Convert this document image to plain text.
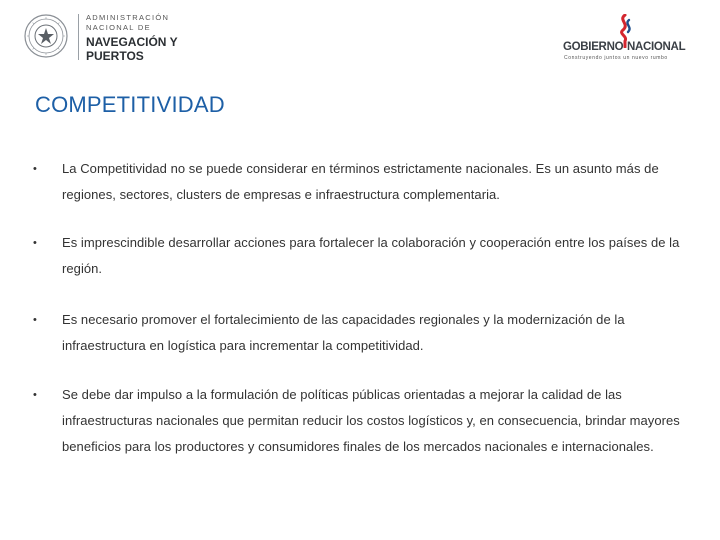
ADMINISTRACIÓN
NACIONAL DE
NAVEGACIÓN Y
PUERTOS
GOBIERNO NACIONAL
Construyendo juntos un nuevo rumbo
COMPETITIVIDAD
• La Competitividad no se puede considerar en términos estrictamente nacionales. Es un asunto más de regiones, sectores, clusters de empresas e infraestructura complementaria.
• Es imprescindible desarrollar acciones para fortalecer la colaboración y cooperación entre los países de la región.
• Es necesario promover el fortalecimiento de las capacidades regionales y la modernización de la infraestructura en logística para incrementar la competitividad.
• Se debe dar impulso a la formulación de políticas públicas orientadas a mejorar la calidad de las infraestructuras nacionales que permitan reducir los costos logísticos y, en consecuencia, brindar mayores beneficios para los productores y consumidores finales de los mercados nacionales e internacionales.
